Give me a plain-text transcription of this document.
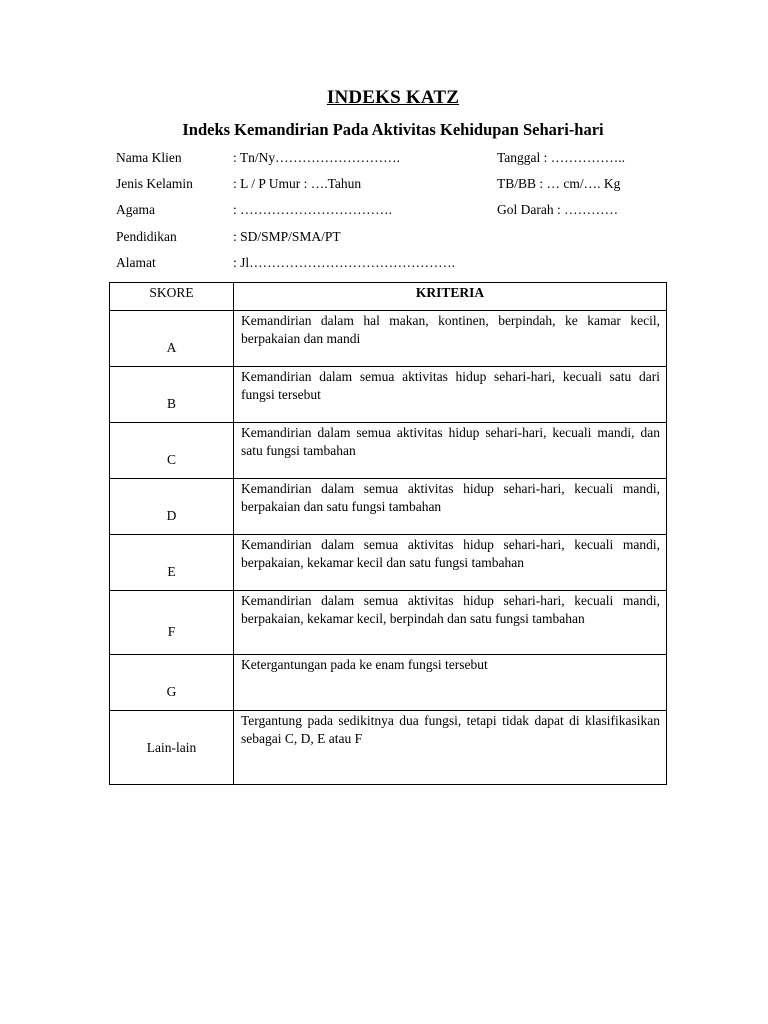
INDEKS KATZ
Indeks Kemandirian Pada Aktivitas Kehidupan Sehari-hari
Nama Klien	: Tn/Ny……………………….	Tanggal : ……………..
Jenis Kelamin	: L / P Umur : ….Tahun	TB/BB : … cm/…. Kg
Agama	: …………………………….	Gol Darah : …………
Pendidikan	: SD/SMP/SMA/PT
Alamat	: Jl……………………………………….
SKORE	KRITERIA
A	Kemandirian dalam hal makan, kontinen, berpindah, ke kamar kecil, berpakaian dan mandi
B	Kemandirian dalam semua aktivitas hidup sehari-hari, kecuali satu dari fungsi tersebut
C	Kemandirian dalam semua aktivitas hidup sehari-hari, kecuali mandi, dan satu fungsi tambahan
D	Kemandirian dalam semua aktivitas hidup sehari-hari, kecuali mandi, berpakaian dan satu fungsi tambahan
E	Kemandirian dalam semua aktivitas hidup sehari-hari, kecuali mandi, berpakaian, kekamar kecil dan satu fungsi tambahan
F	Kemandirian dalam semua aktivitas hidup sehari-hari, kecuali mandi, berpakaian, kekamar kecil, berpindah dan satu fungsi tambahan
G	Ketergantungan pada ke enam fungsi tersebut
Lain-lain	Tergantung pada sedikitnya dua fungsi, tetapi tidak dapat di klasifikasikan sebagai C, D, E atau F
